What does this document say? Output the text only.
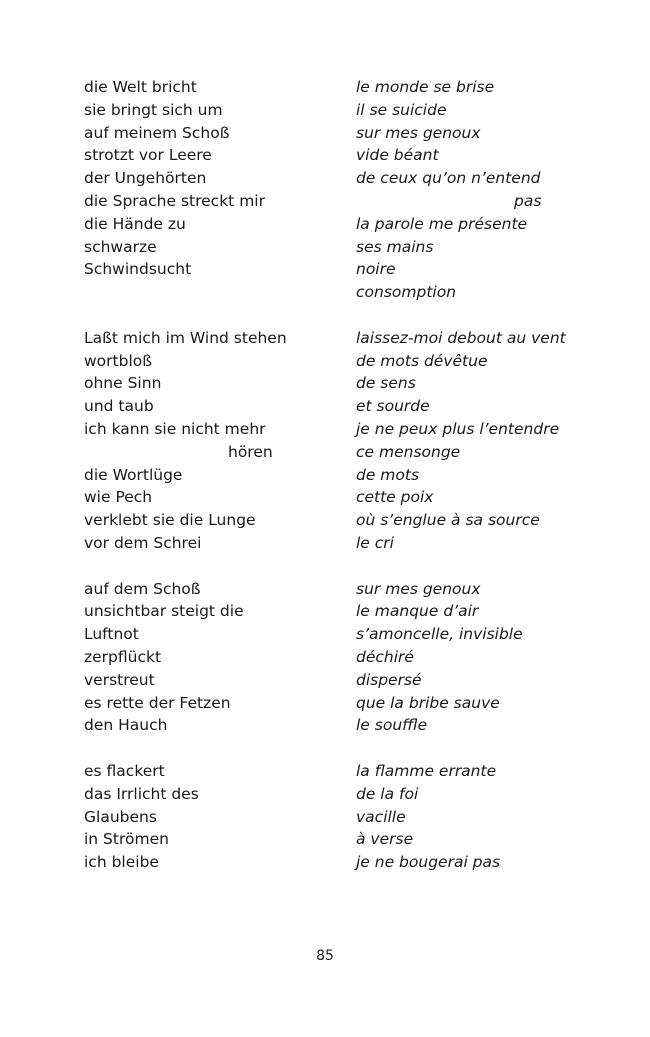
die Welt bricht
sie bringt sich um
auf meinem Schoß
strotzt vor Leere
der Ungehörten
die Sprache streckt mir
die Hände zu
schwarze
Schwindsucht
Laßt mich im Wind stehen
wortbloß
ohne Sinn
und taub
ich kann sie nicht mehr
hören
die Wortlüge
wie Pech
verklebt sie die Lunge
vor dem Schrei
auf dem Schoß
unsichtbar steigt die
Luftnot
zerpflückt
verstreut
es rette der Fetzen
den Hauch
es flackert
das Irrlicht des
Glaubens
in Strömen
ich bleibe
le monde se brise
il se suicide
sur mes genoux
vide béant
de ceux qu’on n’entend
pas
la parole me présente
ses mains
noire
consomption
laissez-moi debout au vent
de mots dévêtue
de sens
et sourde
je ne peux plus l’entendre
ce mensonge
de mots
cette poix
où s’englue à sa source
le cri
sur mes genoux
le manque d’air
s’amoncelle, invisible
déchiré
dispersé
que la bribe sauve
le souffle
la flamme errante
de la foi
vacille
à verse
je ne bougerai pas
85
